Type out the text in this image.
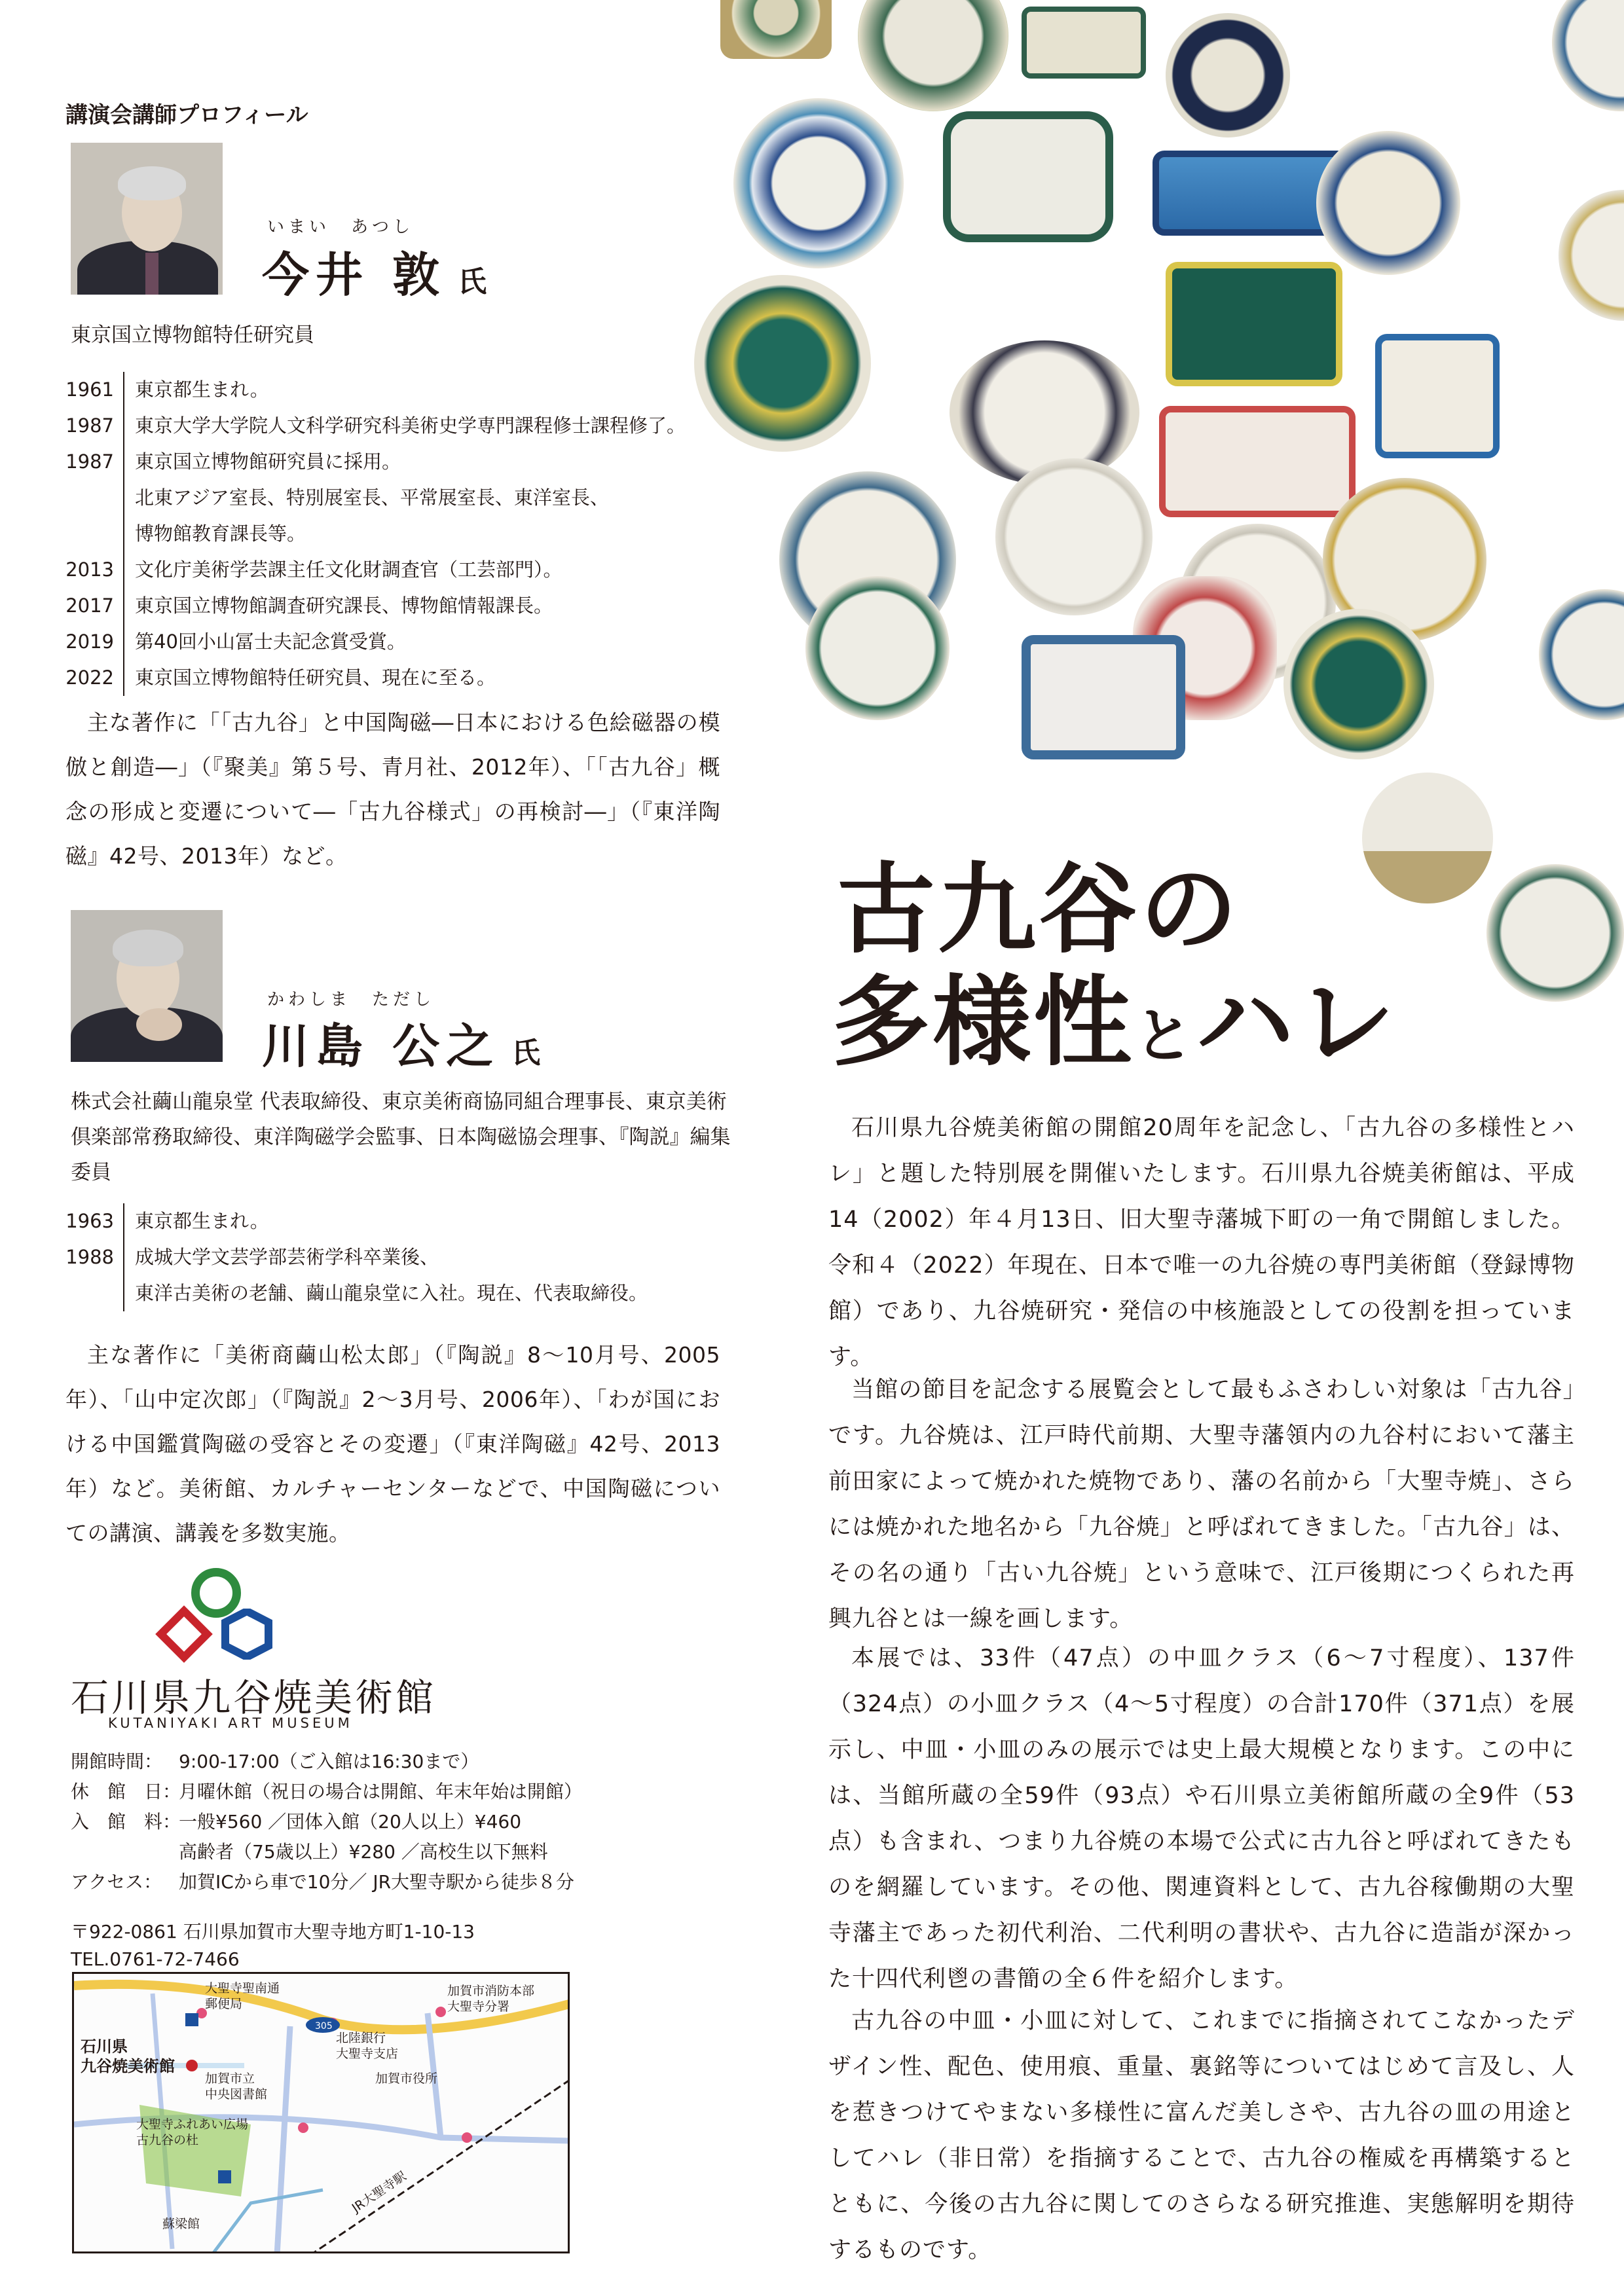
講演会講師プロフィール
いまい　あつし
今井 敦 氏
東京国立博物館特任研究員
1961
1987
1987
2013
2017
2019
2022
東京都生まれ。
東京大学大学院人文科学研究科美術史学専門課程修士課程修了。
東京国立博物館研究員に採用。
北東アジア室長、特別展室長、平常展室長、東洋室長、
博物館教育課長等。
文化庁美術学芸課主任文化財調査官（工芸部門）。
東京国立博物館調査研究課長、博物館情報課長。
第40回小山冨士夫記念賞受賞。
東京国立博物館特任研究員、現在に至る。
主な著作に「「古九谷」と中国陶磁―日本における色絵磁器の模倣と創造―」（『聚美』第５号、青月社、2012年）、「「古九谷」概念の形成と変遷について―「古九谷様式」の再検討―」（『東洋陶磁』42号、2013年）など。
かわしま　ただし
川島 公之 氏
株式会社繭山龍泉堂 代表取締役、東京美術商協同組合理事長、東京美術倶楽部常務取締役、東洋陶磁学会監事、日本陶磁協会理事、『陶説』編集委員
1963
1988
東京都生まれ。
成城大学文芸学部芸術学科卒業後、
東洋古美術の老舗、繭山龍泉堂に入社。現在、代表取締役。
主な著作に「美術商繭山松太郎」（『陶説』8〜10月号、2005年）、「山中定次郎」（『陶説』2〜3月号、2006年）、「わが国における中国鑑賞陶磁の受容とその変遷」（『東洋陶磁』42号、2013年）など。美術館、カルチャーセンターなどで、中国陶磁についての講演、講義を多数実施。
石川県九谷焼美術館
KUTANIYAKI ART MUSEUM
開館時間： 9:00-17:00（ご入館は16:30まで）
休　館　日：
月曜休館（祝日の場合は開館、年末年始は開館）
入　館　料：
一般¥560 ／団体入館（20人以上）¥460
高齢者（75歳以上）¥280 ／高校生以下無料
アクセス： 加賀ICから車で10分／ JR大聖寺駅から徒歩８分
〒922-0861 石川県加賀市大聖寺地方町1-10-13
TEL.0761-72-7466
305
大聖寺聖南通
郵便局
加賀市消防本部
大聖寺分署
北陸銀行
大聖寺支店
石川県
九谷焼美術館
加賀市立
中央図書館
加賀市役所
大聖寺ふれあい広場
古九谷の杜
蘇梁館
JR大聖寺駅
古九谷の
多様性とハレ
石川県九谷焼美術館の開館20周年を記念し、「古九谷の多様性とハレ」と題した特別展を開催いたします。石川県九谷焼美術館は、平成14（2002）年４月13日、旧大聖寺藩城下町の一角で開館しました。令和４（2022）年現在、日本で唯一の九谷焼の専門美術館（登録博物館）であり、九谷焼研究・発信の中核施設としての役割を担っています。
当館の節目を記念する展覧会として最もふさわしい対象は「古九谷」です。九谷焼は、江戸時代前期、大聖寺藩領内の九谷村において藩主前田家によって焼かれた焼物であり、藩の名前から「大聖寺焼」、さらには焼かれた地名から「九谷焼」と呼ばれてきました。「古九谷」は、その名の通り「古い九谷焼」という意味で、江戸後期につくられた再興九谷とは一線を画します。
本展では、33件（47点）の中皿クラス（6〜7寸程度）、137件（324点）の小皿クラス（4〜5寸程度）の合計170件（371点）を展示し、中皿・小皿のみの展示では史上最大規模となります。この中には、当館所蔵の全59件（93点）や石川県立美術館所蔵の全9件（53点）も含まれ、つまり九谷焼の本場で公式に古九谷と呼ばれてきたものを網羅しています。その他、関連資料として、古九谷稼働期の大聖寺藩主であった初代利治、二代利明の書状や、古九谷に造詣が深かった十四代利鬯の書簡の全６件を紹介します。
古九谷の中皿・小皿に対して、これまでに指摘されてこなかったデザイン性、配色、使用痕、重量、裏銘等についてはじめて言及し、人を惹きつけてやまない多様性に富んだ美しさや、古九谷の皿の用途としてハレ（非日常）を指摘することで、古九谷の権威を再構築するとともに、今後の古九谷に関してのさらなる研究推進、実態解明を期待するものです。
